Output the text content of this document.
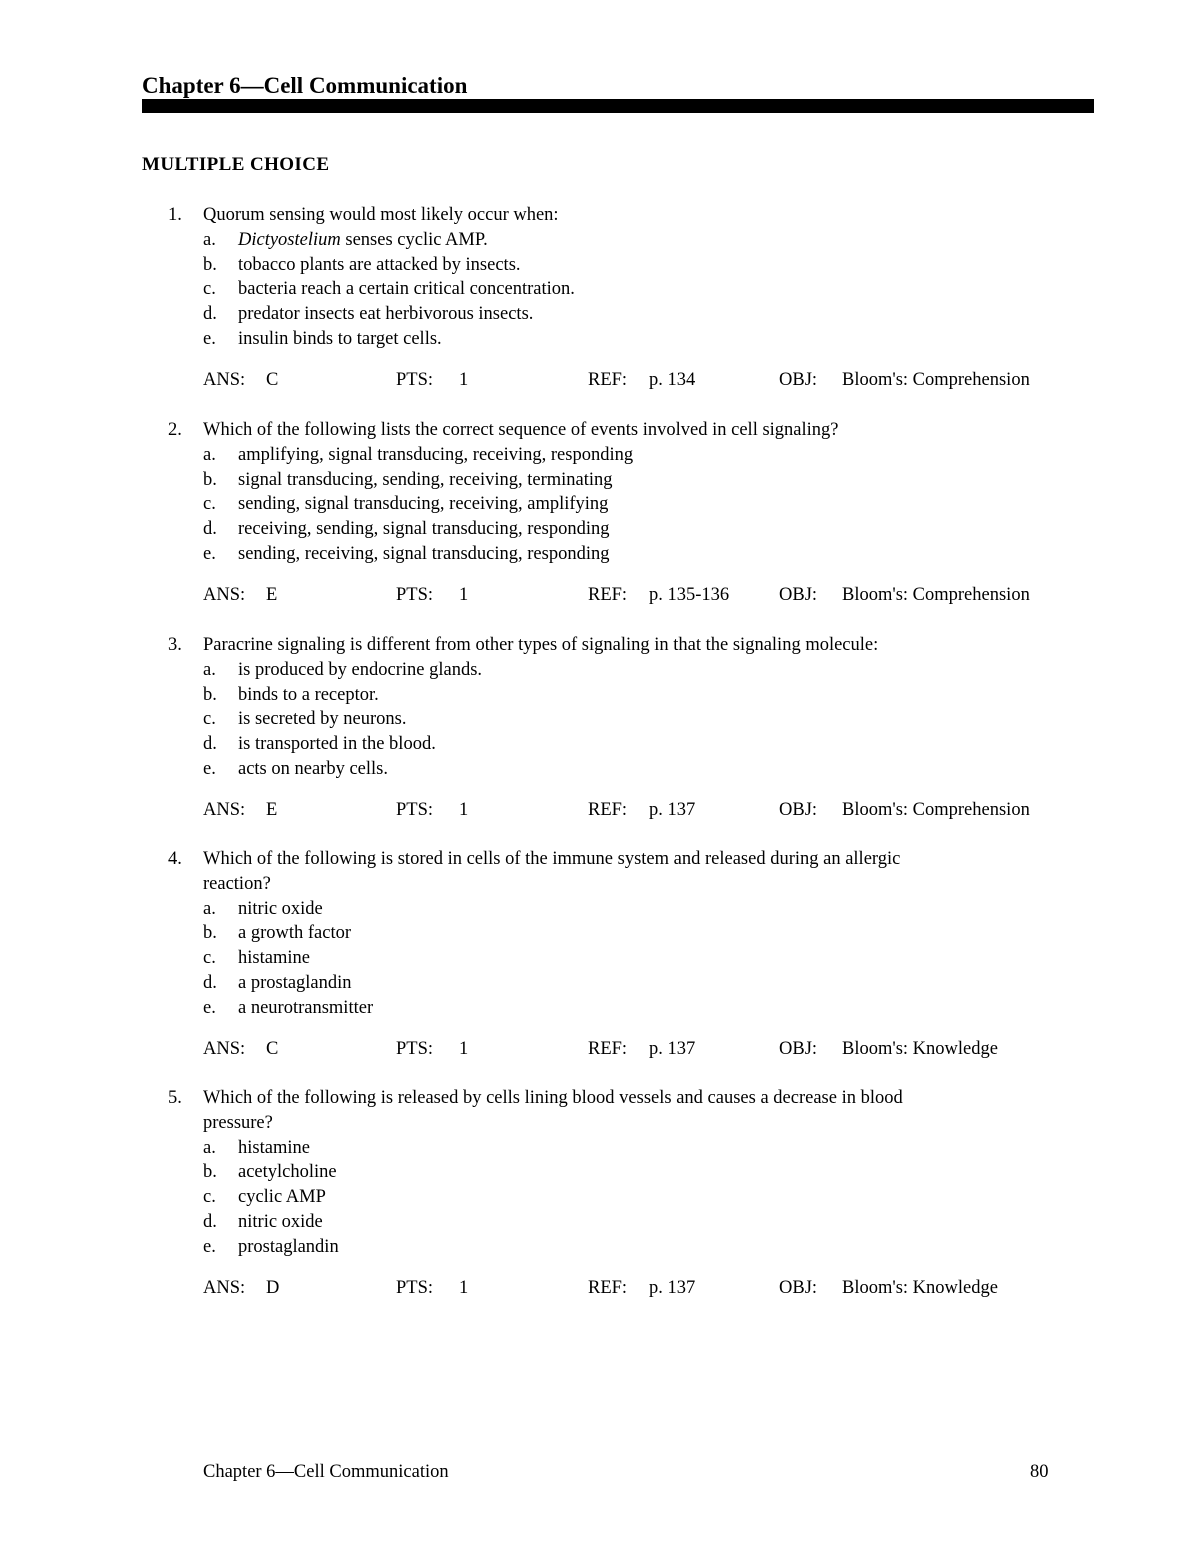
Chapter 6—Cell Communication
MULTIPLE CHOICE
1. Quorum sensing would most likely occur when:
a. Dictyostelium senses cyclic AMP.
b. tobacco plants are attacked by insects.
c. bacteria reach a certain critical concentration.
d. predator insects eat herbivorous insects.
e. insulin binds to target cells.
ANS: C	PTS: 1	REF: p. 134	OBJ: Bloom's: Comprehension
2. Which of the following lists the correct sequence of events involved in cell signaling?
a. amplifying, signal transducing, receiving, responding
b. signal transducing, sending, receiving, terminating
c. sending, signal transducing, receiving, amplifying
d. receiving, sending, signal transducing, responding
e. sending, receiving, signal transducing, responding
ANS: E	PTS: 1	REF: p. 135-136	OBJ: Bloom's: Comprehension
3. Paracrine signaling is different from other types of signaling in that the signaling molecule:
a. is produced by endocrine glands.
b. binds to a receptor.
c. is secreted by neurons.
d. is transported in the blood.
e. acts on nearby cells.
ANS: E	PTS: 1	REF: p. 137	OBJ: Bloom's: Comprehension
4. Which of the following is stored in cells of the immune system and released during an allergic
reaction?
a. nitric oxide
b. a growth factor
c. histamine
d. a prostaglandin
e. a neurotransmitter
ANS: C	PTS: 1	REF: p. 137	OBJ: Bloom's: Knowledge
5. Which of the following is released by cells lining blood vessels and causes a decrease in blood
pressure?
a. histamine
b. acetylcholine
c. cyclic AMP
d. nitric oxide
e. prostaglandin
ANS: D	PTS: 1	REF: p. 137	OBJ: Bloom's: Knowledge
Chapter 6—Cell Communication	80
